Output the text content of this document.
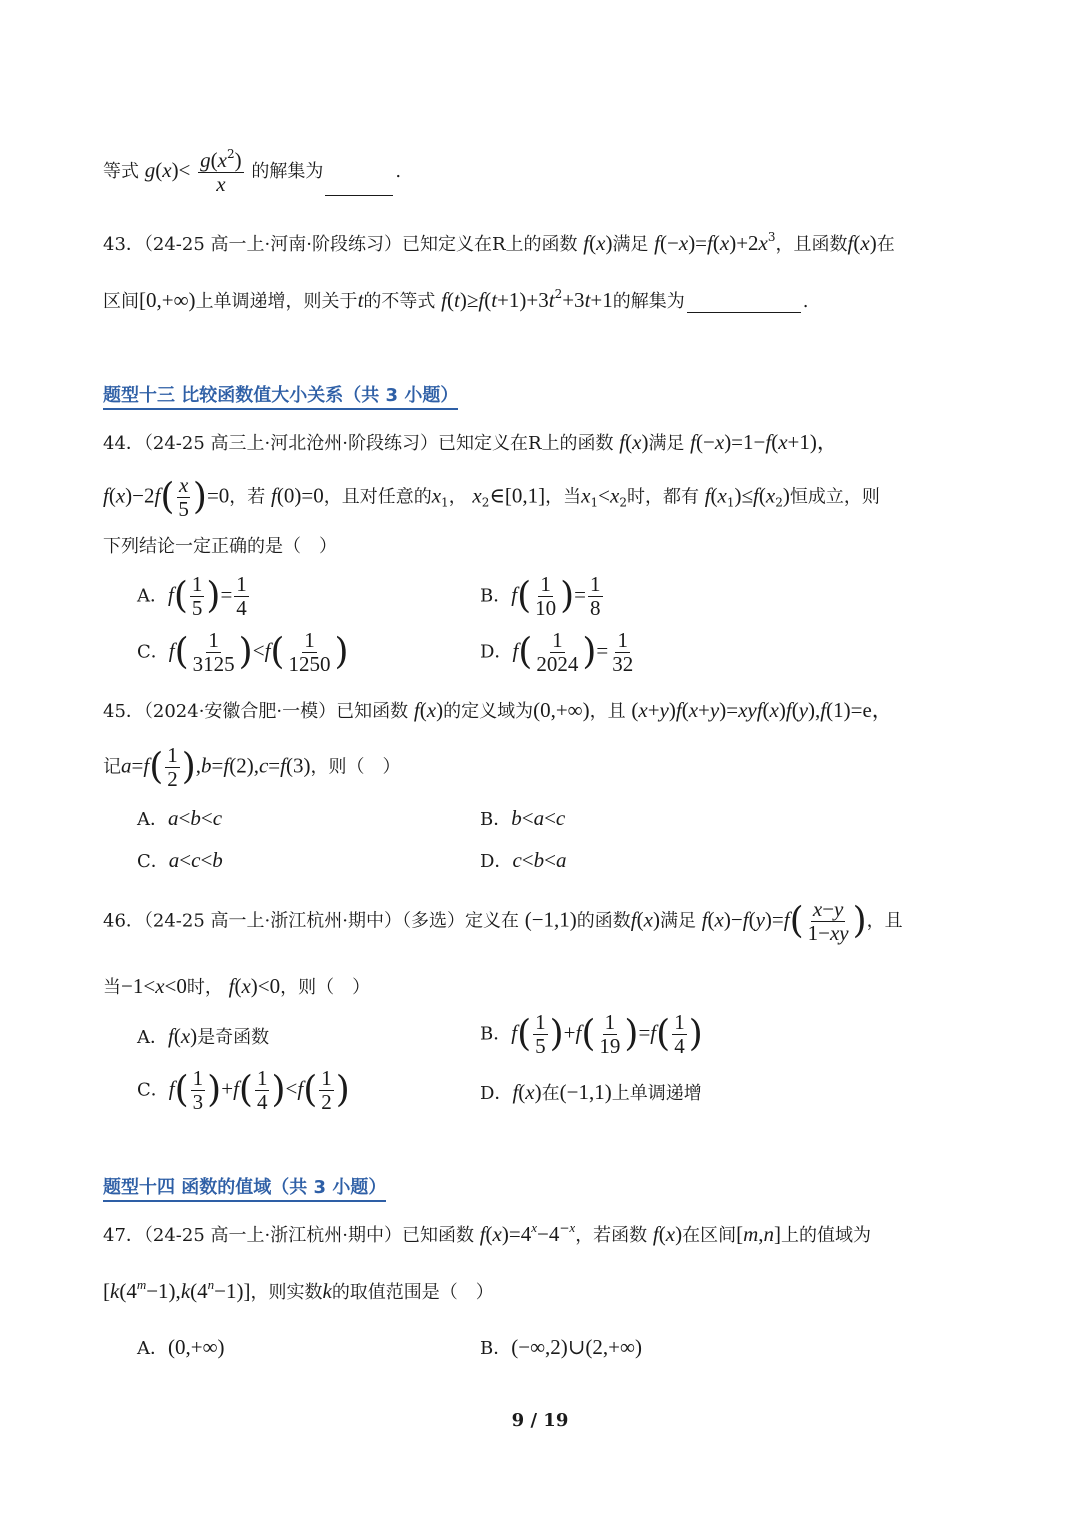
等式 $g(x)< \frac{g(x^2)}{x}$ 的解集为	.
43．（24-25 高一上·河南·阶段练习）已知定义在R上的函数 f(x)满足 $f(-x)=f(x)+2x^3$，且函数f(x)在
区间[0,+∞)上单调递增，则关于t的不等式 $f(t)\ge f(t+1)+3t^2+3t+1$的解集为	.
题型十三 比较函数值大小关系（共 3 小题）
44．（24-25 高三上·河北沧州·阶段练习）已知定义在R上的函数 f(x)满足 f(−x)=1−f(x+1)，
$f(x)-2f( \frac{x}{5} )=0$，若 f(0)=0，且对任意的$x_1$， $x_2\in[0,1]$，当$x_1<x_2$时，都有 $f(x_1)\le f(x_2)$恒成立，则
下列结论一定正确的是（　）
A．$f( \frac{1}{5}$ )= $\frac{1}{4}$	B．$f( \frac{1}{10}$ )= $\frac{1}{8}$
C．$f( \frac{1}{3125} )<f( \frac{1}{1250}$ )	D．$f( \frac{1}{2024}$ )= $\frac{1}{32}$
45．（2024·安徽合肥·一模）已知函数 f(x)的定义域为(0,+∞)，且 (x+y)f(x+y)=xyf(x)f(y),f(1)=e，
记$a=f( \frac{1}{2} ),b=f(2),c=f(3)$，则（　）
A．a<b<c	B．b<a<c
C．a<c<b	D．c<b<a
46．（24-25 高一上·浙江杭州·期中）（多选）定义在 (−1,1)的函数f(x)满足 $f(x)-f(y)=f( \frac{x-y}{1-xy}$ )，且
当−1<x<0时， f(x)<0，则（　）
A．f(x)是奇函数	B．$f( \frac{1}{5} )+f( \frac{1}{19} )=f( \frac{1}{4}$ )
C．$f( \frac{1}{3} )+f( \frac{1}{4} )<f( \frac{1}{2}$ )	D．f(x)在(−1,1)上单调递增
题型十四 函数的值域（共 3 小题）
47．（24-25 高一上·浙江杭州·期中）已知函数 $f(x)=4^x-4^{-x}$，若函数 f(x)在区间[m,n]上的值域为
$[k(4^m-1),k(4^n-1)]$，则实数k的取值范围是（　）
A．(0,+∞)	B．(−∞,2)∪(2,+∞)
9 / 19
